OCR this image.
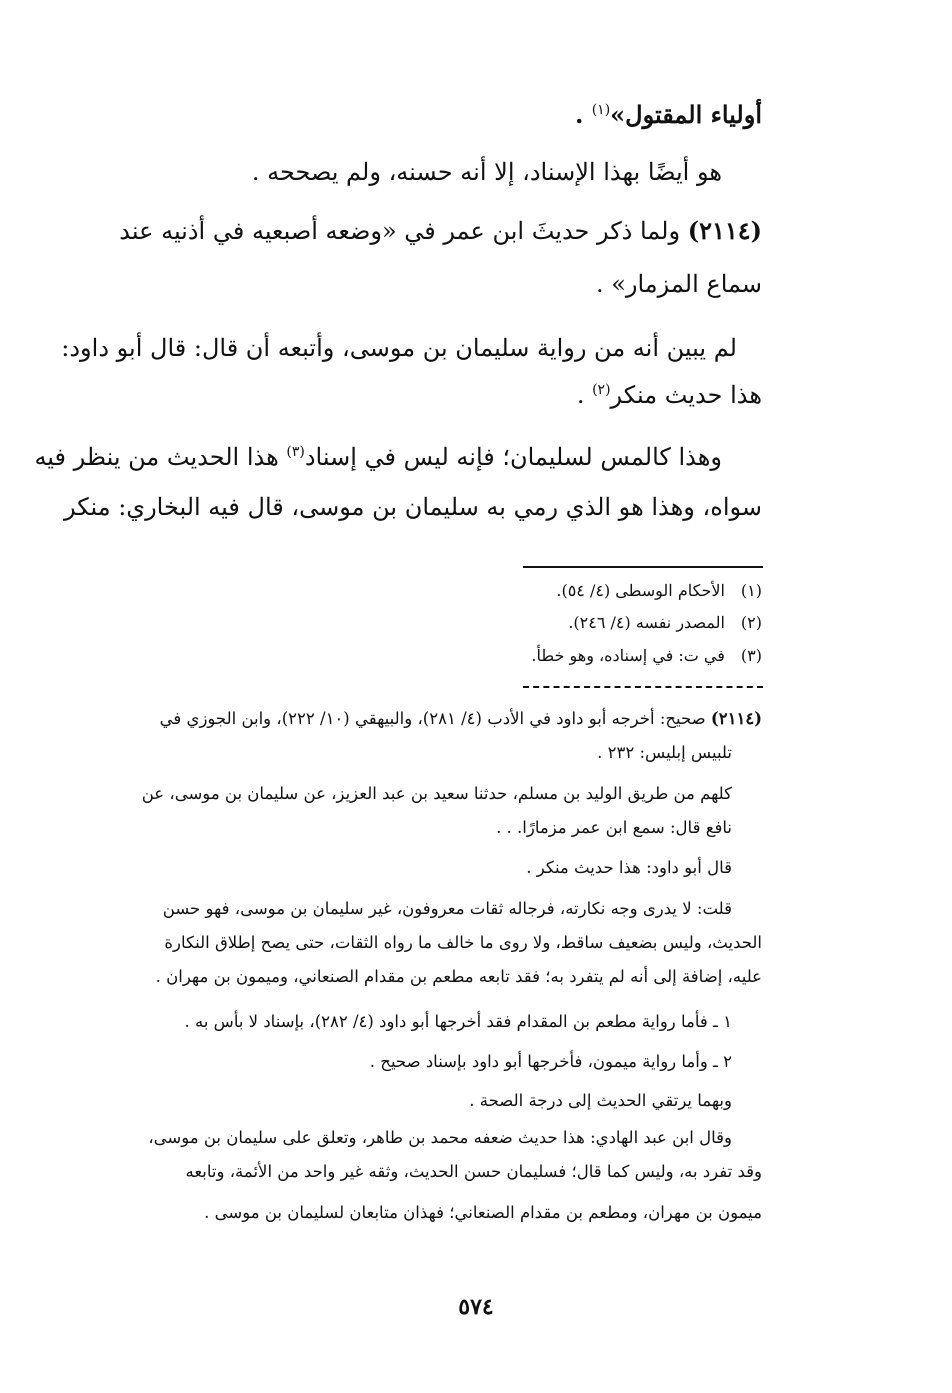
أولياء المقتول»$^{(١)}$ .
هو أيضًا بهذا الإسناد، إلا أنه حسنه، ولم يصححه .
(٢١١٤) ولما ذكر حديثَ ابن عمر في «وضعه أصبعيه في أذنيه عند
سماع المزمار» .
لم يبين أنه من رواية سليمان بن موسى، وأتبعه أن قال: قال أبو داود:
هذا حديث منكر$^{(٢)}$ .
وهذا كالمس لسليمان؛ فإنه ليس في إسناد$^{(٣)}$ هذا الحديث من ينظر فيه
سواه، وهذا هو الذي رمي به سليمان بن موسى، قال فيه البخاري: منكر
(١) الأحكام الوسطى (٤/ ٥٤).
(٢) المصدر نفسه (٤/ ٢٤٦).
(٣) في ت: في إسناده، وهو خطأ.
(٢١١٤) صحيح: أخرجه أبو داود في الأدب (٤/ ٢٨١)، والبيهقي (١٠/ ٢٢٢)، وابن الجوزي في
تلبيس إبليس: ٢٣٢ .
كلهم من طريق الوليد بن مسلم، حدثنا سعيد بن عبد العزيز، عن سليمان بن موسى، عن
نافع قال: سمع ابن عمر مزمارًا. . .
قال أبو داود: هذا حديث منكر .
قلت: لا يدرى وجه نكارته، فرجاله ثقات معروفون، غير سليمان بن موسى، فهو حسن
الحديث، وليس بضعيف ساقط، ولا روى ما خالف ما رواه الثقات، حتى يصح إطلاق النكارة
عليه، إضافة إلى أنه لم يتفرد به؛ فقد تابعه مطعم بن مقدام الصنعاني، وميمون بن مهران .
١ ـ فأما رواية مطعم بن المقدام فقد أخرجها أبو داود (٤/ ٢٨٢)، بإسناد لا بأس به .
٢ ـ وأما رواية ميمون، فأخرجها أبو داود بإسناد صحيح .
وبهما يرتقي الحديث إلى درجة الصحة .
وقال ابن عبد الهادي: هذا حديث ضعفه محمد بن طاهر، وتعلق على سليمان بن موسى،
وقد تفرد به، وليس كما قال؛ فسليمان حسن الحديث، وثقه غير واحد من الأئمة، وتابعه
ميمون بن مهران، ومطعم بن مقدام الصنعاني؛ فهذان متابعان لسليمان بن موسى .
٥٧٤
